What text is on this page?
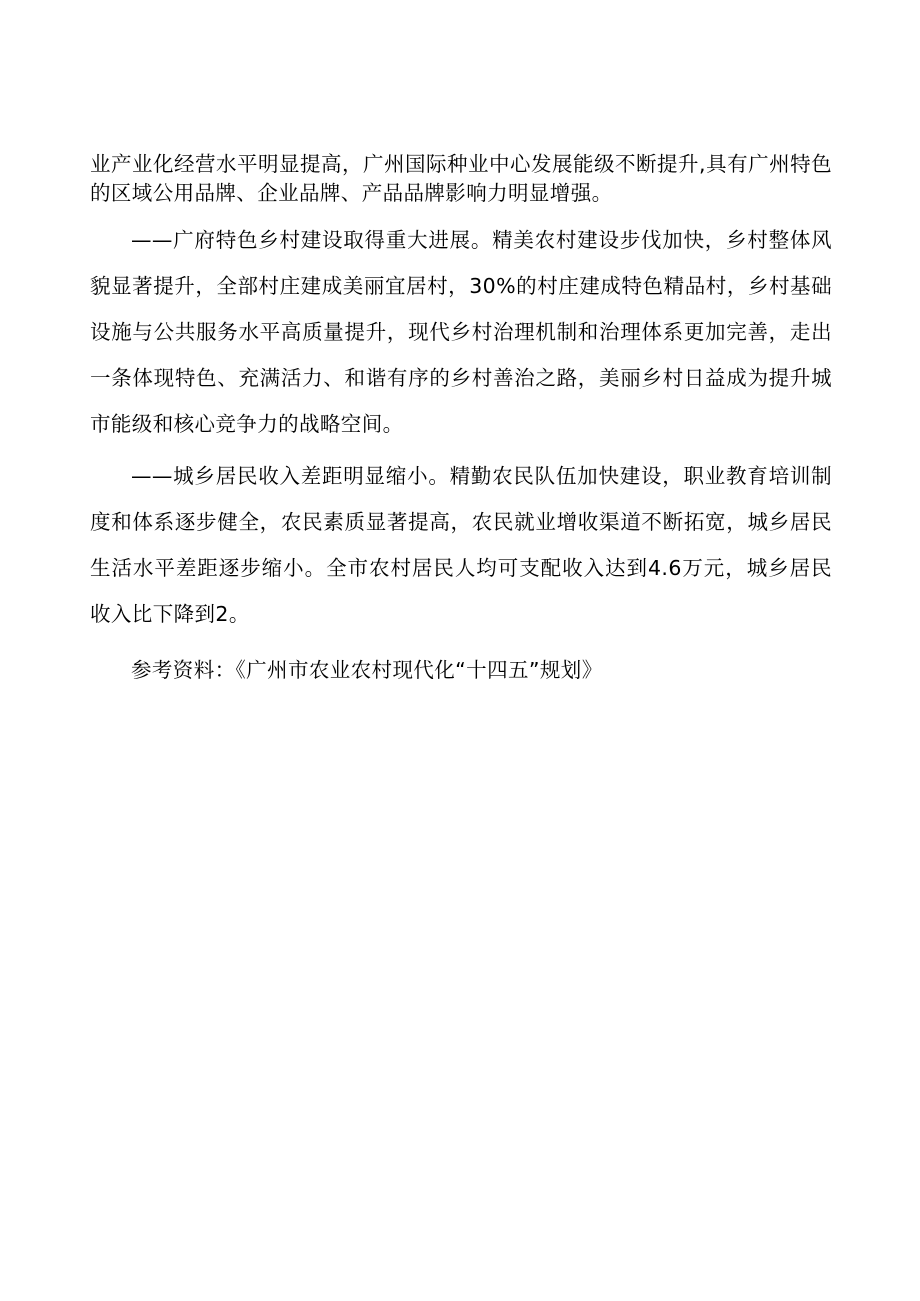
业产业化经营水平明显提高，广州国际种业中心发展能级不断提升,具有广州特色的区域公用品牌、企业品牌、产品品牌影响力明显增强。

——广府特色乡村建设取得重大进展。精美农村建设步伐加快，乡村整体风貌显著提升，全部村庄建成美丽宜居村，30%的村庄建成特色精品村，乡村基础设施与公共服务水平高质量提升，现代乡村治理机制和治理体系更加完善，走出一条体现特色、充满活力、和谐有序的乡村善治之路，美丽乡村日益成为提升城市能级和核心竞争力的战略空间。

——城乡居民收入差距明显缩小。精勤农民队伍加快建设，职业教育培训制度和体系逐步健全，农民素质显著提高，农民就业增收渠道不断拓宽，城乡居民生活水平差距逐步缩小。全市农村居民人均可支配收入达到4.6万元，城乡居民收入比下降到2。

参考资料：《广州市农业农村现代化“十四五”规划》
